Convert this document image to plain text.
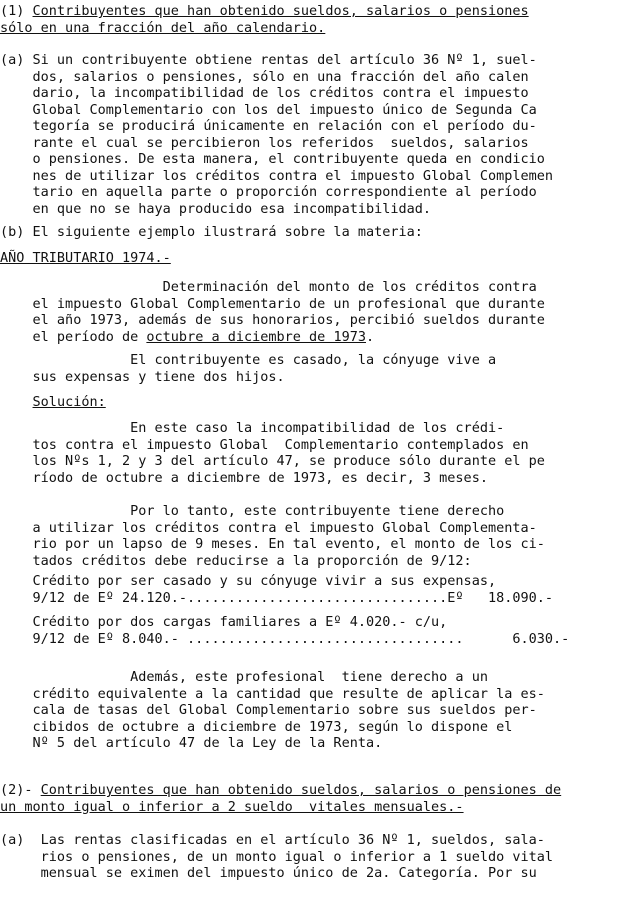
(1) Contribuyentes que han obtenido sueldos, salarios o pensiones
sólo en una fracción del año calendario.
(a) Si un contribuyente obtiene rentas del artículo 36 Nº 1, suel-
dos, salarios o pensiones, sólo en una fracción del año calen
dario, la incompatibilidad de los créditos contra el impuesto
Global Complementario con los del impuesto único de Segunda Ca
tegoría se producirá únicamente en relación con el período du-
rante el cual se percibieron los referidos  sueldos, salarios
o pensiones. De esta manera, el contribuyente queda en condicio
nes de utilizar los créditos contra el impuesto Global Complemen
tario en aquella parte o proporción correspondiente al período
en que no se haya producido esa incompatibilidad.
(b) El siguiente ejemplo ilustrará sobre la materia:
AÑO TRIBUTARIO 1974.-
Determinación del monto de los créditos contra
el impuesto Global Complementario de un profesional que durante
el año 1973, además de sus honorarios, percibió sueldos durante
el período de octubre a diciembre de 1973.
El contribuyente es casado, la cónyuge vive a
sus expensas y tiene dos hijos.
Solución:
En este caso la incompatibilidad de los crédi-
tos contra el impuesto Global  Complementario contemplados en
los Nºs 1, 2 y 3 del artículo 47, se produce sólo durante el pe
ríodo de octubre a diciembre de 1973, es decir, 3 meses.
Por lo tanto, este contribuyente tiene derecho
a utilizar los créditos contra el impuesto Global Complementa-
rio por un lapso de 9 meses. En tal evento, el monto de los ci-
tados créditos debe reducirse a la proporción de 9/12:
Crédito por ser casado y su cónyuge vivir a sus expensas,
9/12 de Eº 24.120.-................................Eº   18.090.-
Crédito por dos cargas familiares a Eº 4.020.- c/u,
9/12 de Eº 8.040.- ..................................      6.030.-
Además, este profesional  tiene derecho a un
crédito equivalente a la cantidad que resulte de aplicar la es-
cala de tasas del Global Complementario sobre sus sueldos per-
cibidos de octubre a diciembre de 1973, según lo dispone el
Nº 5 del artículo 47 de la Ley de la Renta.
(2)- Contribuyentes que han obtenido sueldos, salarios o pensiones de
un monto igual o inferior a 2 sueldo  vitales mensuales.-
(a)  Las rentas clasificadas en el artículo 36 Nº 1, sueldos, sala-
rios o pensiones, de un monto igual o inferior a 1 sueldo vital
mensual se eximen del impuesto único de 2a. Categoría. Por su
